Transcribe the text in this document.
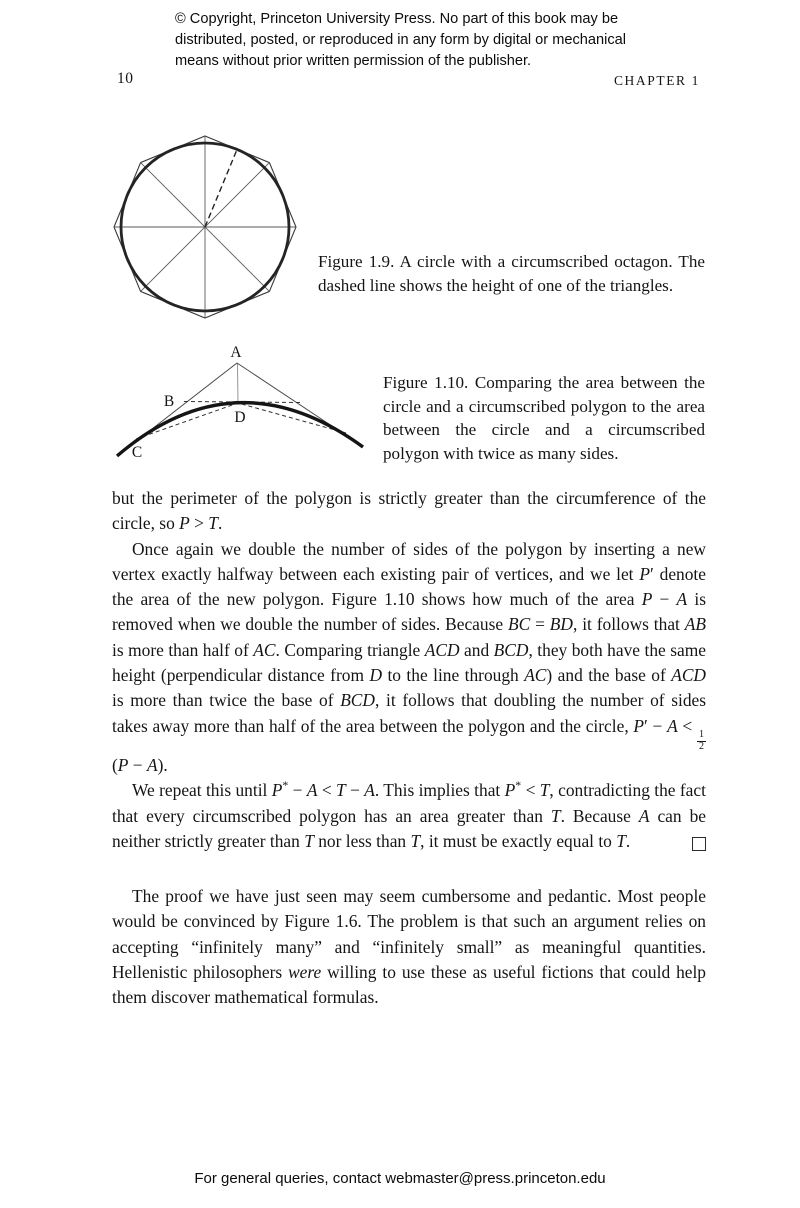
© Copyright, Princeton University Press. No part of this book may be
distributed, posted, or reproduced in any form by digital or mechanical
means without prior written permission of the publisher.
10	CHAPTER 1
Figure 1.9. A circle with a circumscribed octagon. The dashed line shows the height of one of the triangles.
A
B
C
D
Figure 1.10. Comparing the area between the circle and a circumscribed polygon to the area between the circle and a circumscribed polygon with twice as many sides.

but the perimeter of the polygon is strictly greater than the circumference of the circle, so P > T.

Once again we double the number of sides of the polygon by inserting a new vertex exactly halfway between each existing pair of vertices, and we let P′ denote the area of the new polygon. Figure 1.10 shows how much of the area P − A is removed when we double the number of sides. Because BC = BD, it follows that AB is more than half of AC. Comparing triangle ACD and BCD, they both have the same height (perpendicular distance from D to the line through AC) and the base of ACD is more than twice the base of BCD, it follows that doubling the number of sides takes away more than half of the area between the polygon and the circle, P′ − A <
$\frac{1}{2}$
(P − A).

We repeat this until P* − A < T − A. This implies that P* < T, contradicting the fact that every circumscribed polygon has an area greater than T. Because A can be neither strictly greater than T nor less than T, it must be exactly equal to T.

The proof we have just seen may seem cumbersome and pedantic. Most people would be convinced by Figure 1.6. The problem is that such an argument relies on accepting “infinitely many” and “infinitely small” as meaningful quantities. Hellenistic philosophers were willing to use these as useful fictions that could help them discover mathematical formulas.

For general queries, contact webmaster@press.princeton.edu
